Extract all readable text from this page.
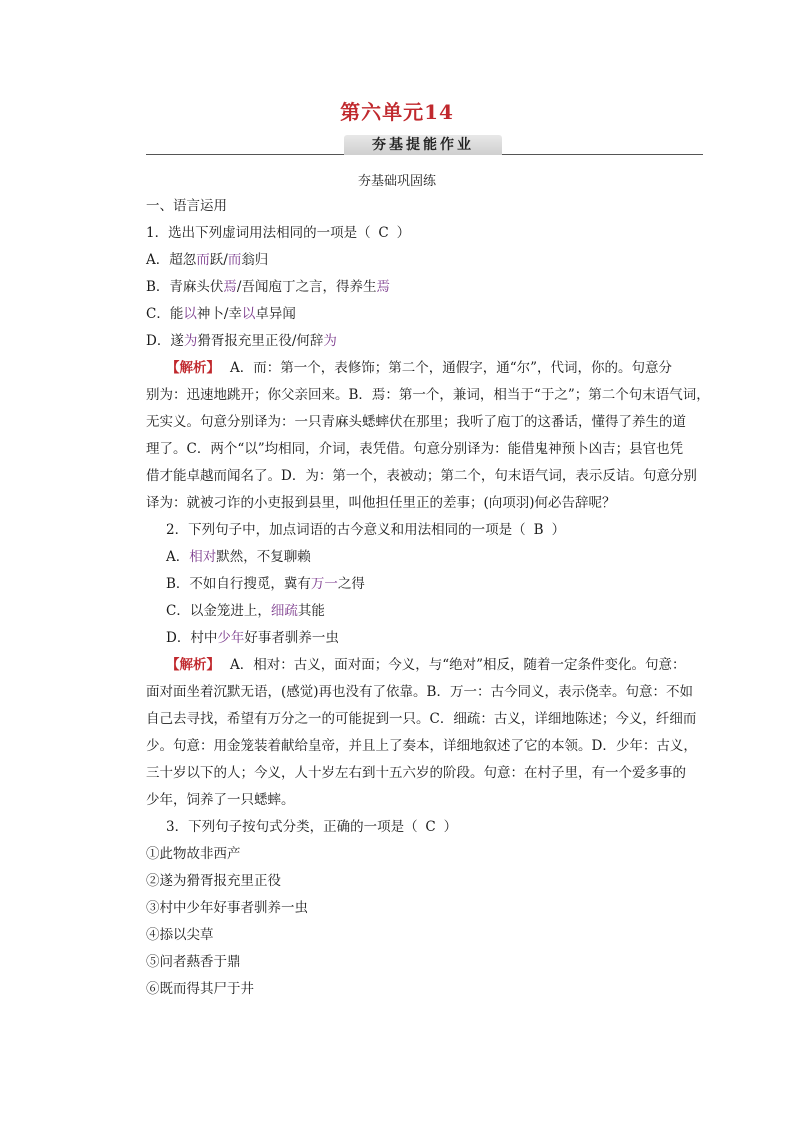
第六单元14
夯基提能作业
夯基础巩固练
一、语言运用
1．选出下列虚词用法相同的一项是（ C ）
A．超忽而跃/而翁归
B．青麻头伏焉/吾闻庖丁之言，得养生焉
C．能以神卜/幸以卓异闻
D．遂为猾胥报充里正役/何辞为
【解析】 A．而：第一个，表修饰；第二个，通假字，通“尔”，代词，你的。句意分
别为：迅速地跳开；你父亲回来。B．焉：第一个，兼词，相当于“于之”；第二个句末语气词，
无实义。句意分别译为：一只青麻头蟋蟀伏在那里；我听了庖丁的这番话，懂得了养生的道
理了。C．两个“以”均相同，介词，表凭借。句意分别译为：能借鬼神预卜凶吉；县官也凭
借才能卓越而闻名了。D．为：第一个，表被动；第二个，句末语气词，表示反诘。句意分别
译为：就被刁诈的小吏报到县里，叫他担任里正的差事；(向项羽)何必告辞呢？
2．下列句子中，加点词语的古今意义和用法相同的一项是（ B ）
A．相对默然，不复聊赖
B．不如自行搜觅，冀有万一之得
C．以金笼进上，细疏其能
D．村中少年好事者驯养一虫
【解析】 A．相对：古义，面对面；今义，与“绝对”相反，随着一定条件变化。句意：
面对面坐着沉默无语，(感觉)再也没有了依靠。B．万一：古今同义，表示侥幸。句意：不如
自己去寻找，希望有万分之一的可能捉到一只。C．细疏：古义，详细地陈述；今义，纤细而
少。句意：用金笼装着献给皇帝，并且上了奏本，详细地叙述了它的本领。D．少年：古义，
三十岁以下的人；今义，人十岁左右到十五六岁的阶段。句意：在村子里，有一个爱多事的
少年，饲养了一只蟋蟀。
3．下列句子按句式分类，正确的一项是（ C ）
①此物故非西产
②遂为猾胥报充里正役
③村中少年好事者驯养一虫
④掭以尖草
⑤问者爇香于鼎
⑥既而得其尸于井
